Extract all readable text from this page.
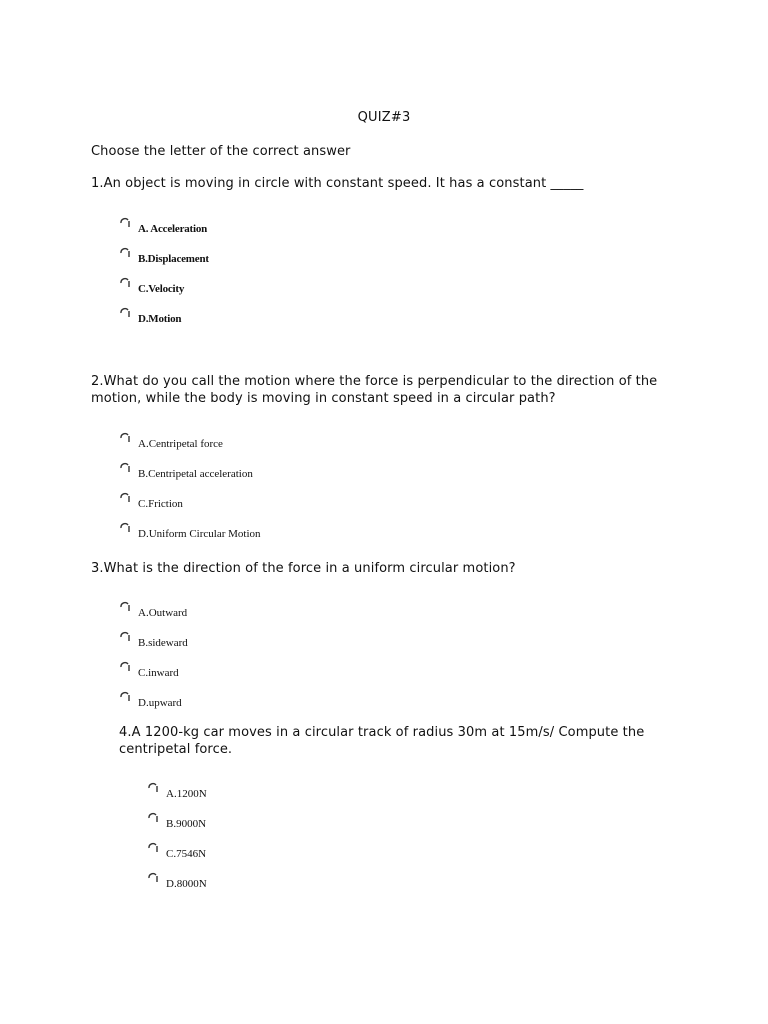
QUIZ#3
Choose the letter of the correct answer
1.An object is moving in circle with constant speed. It has a constant _____
A. Acceleration
B.Displacement
C.Velocity
D.Motion
2.What do you call the motion where the force is perpendicular to the direction of the motion, while the body is moving in constant speed in a circular path?
A.Centripetal force
B.Centripetal acceleration
C.Friction
D.Uniform Circular Motion
3.What is the direction of the force in a uniform circular motion?
A.Outward
B.sideward
C.inward
D.upward
4.A 1200-kg car moves in a circular track of radius 30m at 15m/s/ Compute the centripetal force.
A.1200N
B.9000N
C.7546N
D.8000N
